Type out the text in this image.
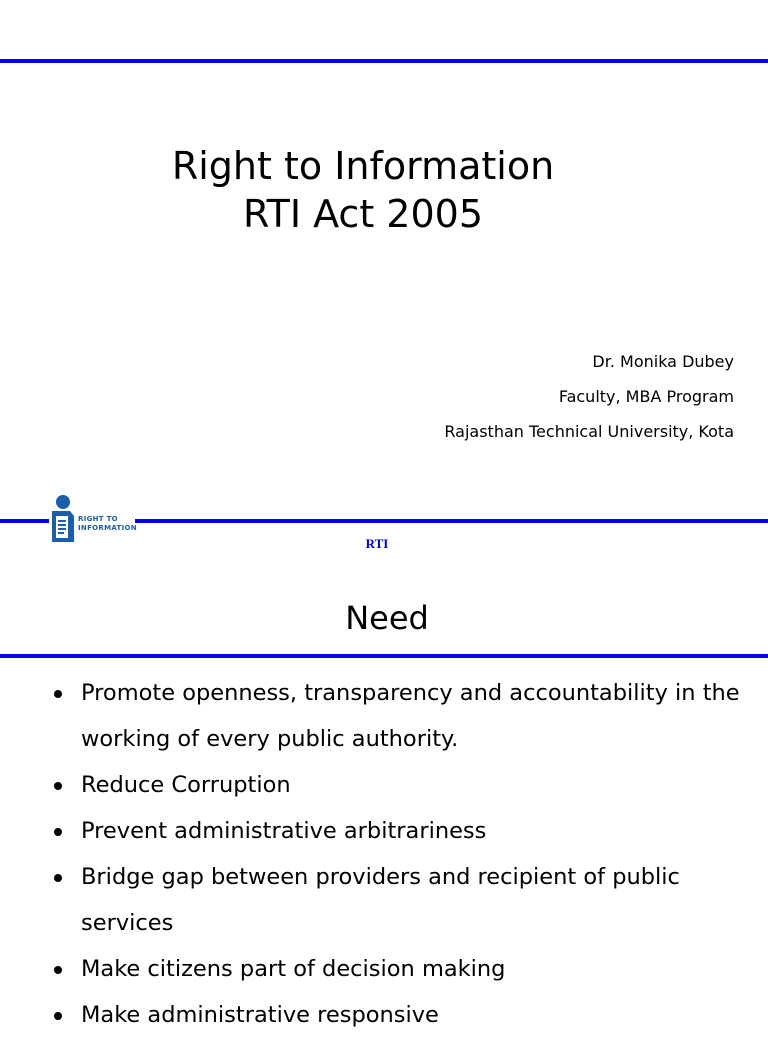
Right to Information
RTI Act 2005
Dr. Monika Dubey
Faculty, MBA Program
Rajasthan Technical University, Kota
RIGHT TO
INFORMATION
RTI
Need
Promote openness, transparency and accountability in the working of every public authority.
Reduce Corruption
Prevent administrative arbitrariness
Bridge gap between providers and recipient of public services
Make citizens part of decision making
Make administrative responsive
